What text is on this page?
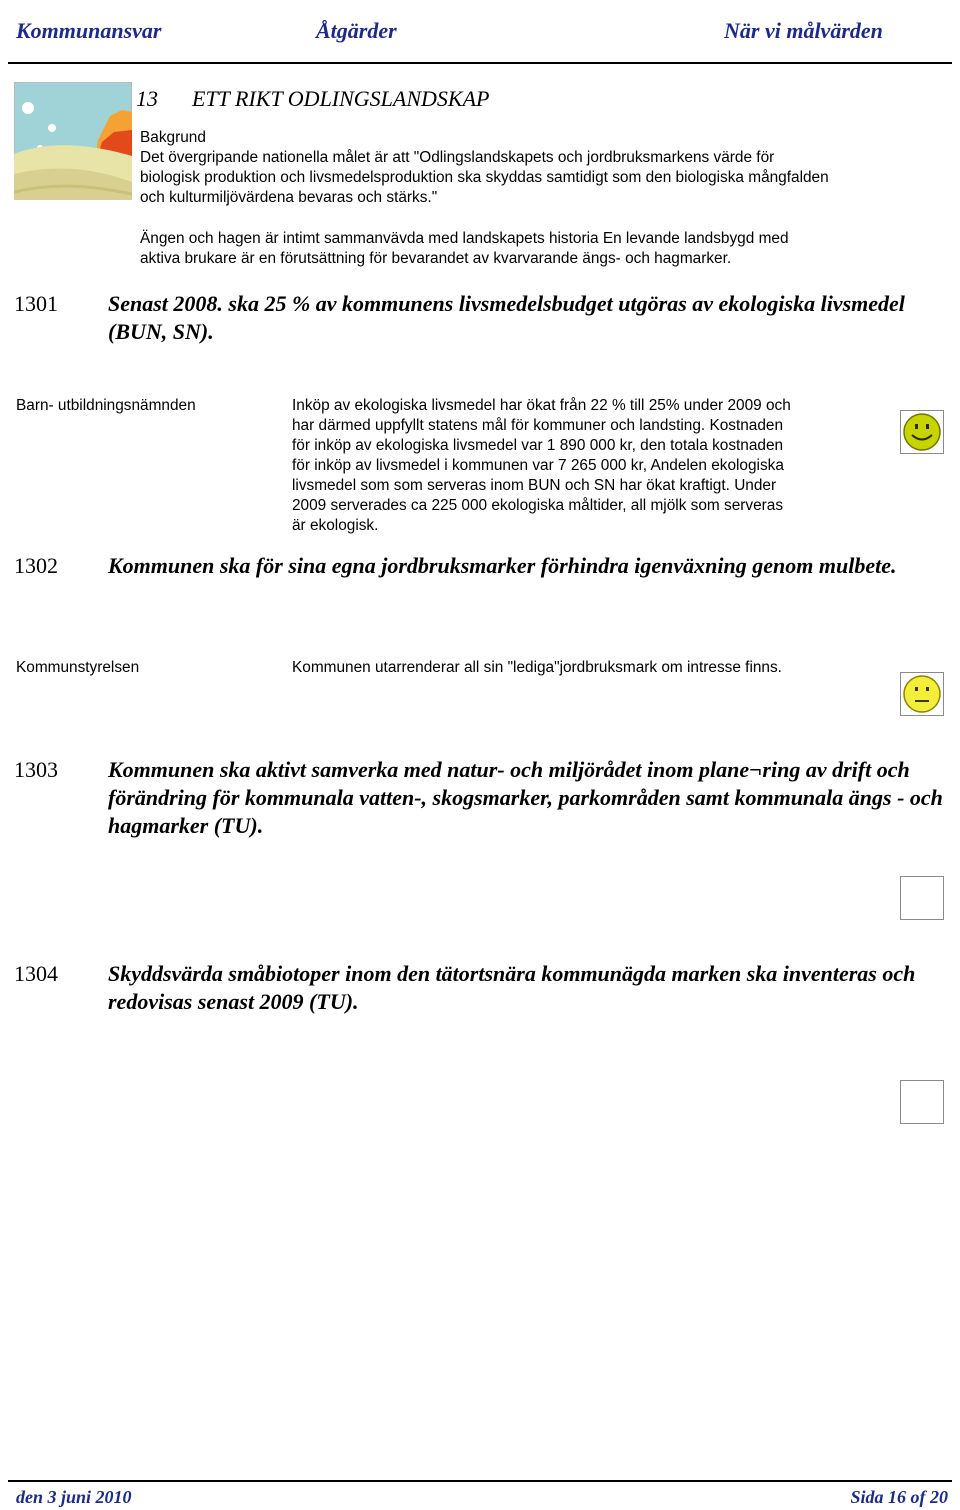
Kommunansvar	Åtgärder	När vi målvärden
13 ETT RIKT ODLINGSLANDSKAP
Bakgrund
Det övergripande nationella målet är att "Odlingslandskapets och jordbruksmarkens värde för
biologisk produktion och livsmedelsproduktion ska skyddas samtidigt som den biologiska mångfalden
och kulturmiljövärdena bevaras och stärks."
Ängen och hagen är intimt sammanvävda med landskapets historia En levande landsbygd med
aktiva brukare är en förutsättning för bevarandet av kvarvarande ängs- och hagmarker.
1301 Senast 2008. ska 25 % av kommunens livsmedelsbudget utgöras av ekologiska livsmedel (BUN, SN).
Barn- utbildningsnämnden	Inköp av ekologiska livsmedel har ökat från 22 % till 25% under 2009 och
har därmed uppfyllt statens mål för kommuner och landsting. Kostnaden
för inköp av ekologiska livsmedel var 1 890 000 kr, den totala kostnaden
för inköp av livsmedel i kommunen var 7 265 000 kr, Andelen ekologiska
livsmedel som som serveras inom BUN och SN har ökat kraftigt. Under
2009 serverades ca 225 000 ekologiska måltider, all mjölk som serveras
är ekologisk.
1302 Kommunen ska för sina egna jordbruksmarker förhindra igenväxning genom mulbete.
Kommunstyrelsen	Kommunen utarrenderar all sin "lediga"jordbruksmark om intresse finns.
1303 Kommunen ska aktivt samverka med natur- och miljörådet inom plane¬ring av drift och förändring för kommunala vatten-, skogsmarker, parkområden samt kommunala ängs - och hagmarker (TU).
1304 Skyddsvärda småbiotoper inom den tätortsnära kommunägda marken ska inventeras och redovisas senast 2009 (TU).
den 3 juni 2010	Sida 16 of 20
